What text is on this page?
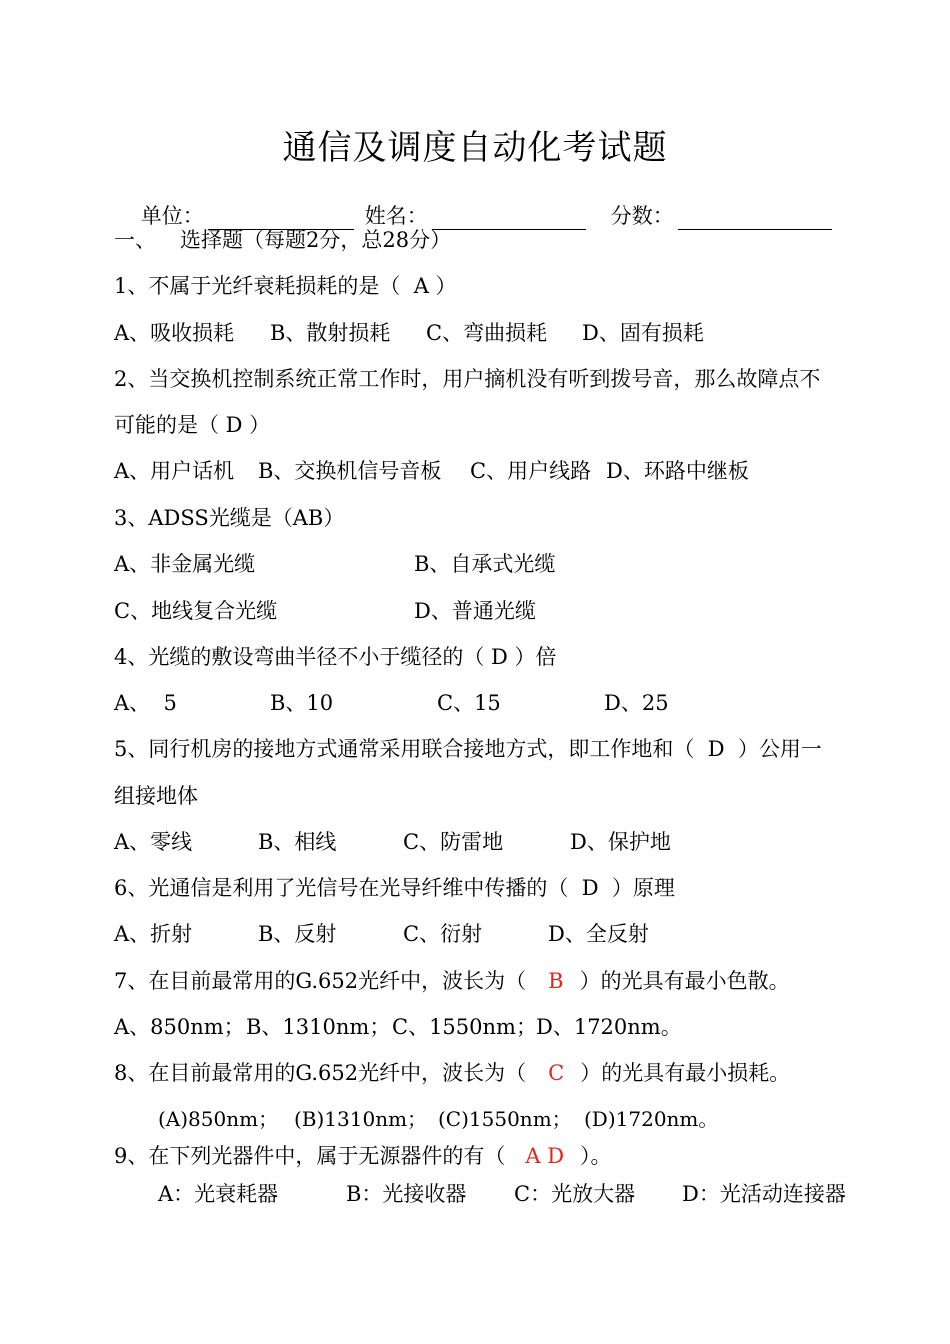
通信及调度自动化考试题

单位：
	姓名：
	分数：

一、 选择题（每题2分，总28分）
1、不属于光纤衰耗损耗的是（  A ）
A、吸收损耗 B、散射损耗 C、弯曲损耗 D、固有损耗
2、当交换机控制系统正常工作时，用户摘机没有听到拨号音，那么故障点不
可能的是（ D ）
A、用户话机 B、交换机信号音板 C、用户线路 D、环路中继板
3、ADSS光缆是（AB）
A、非金属光缆	B、自承式光缆
C、地线复合光缆	D、普通光缆
4、光缆的敷设弯曲半径不小于缆径的（ D ）倍
A、  5	B、10	C、15	D、25
5、同行机房的接地方式通常采用联合接地方式，即工作地和（  D  ）公用一
组接地体
A、零线	B、相线	C、防雷地	D、保护地
6、光通信是利用了光信号在光导纤维中传播的（  D  ）原理
A、折射	B、反射	C、衍射	D、全反射
7、在目前最常用的G.652光纤中，波长为（ B ）的光具有最小色散。
A、850nm； B、1310nm； C、1550nm； D、1720nm。
8、在目前最常用的G.652光纤中，波长为（ C ）的光具有最小损耗。
(A)850nm； (B)1310nm； (C)1550nm； (D)1720nm。
9、在下列光器件中，属于无源器件的有（ A D ）。
A：光衰耗器	B：光接收器 C：光放大器 D：光活动连接器
